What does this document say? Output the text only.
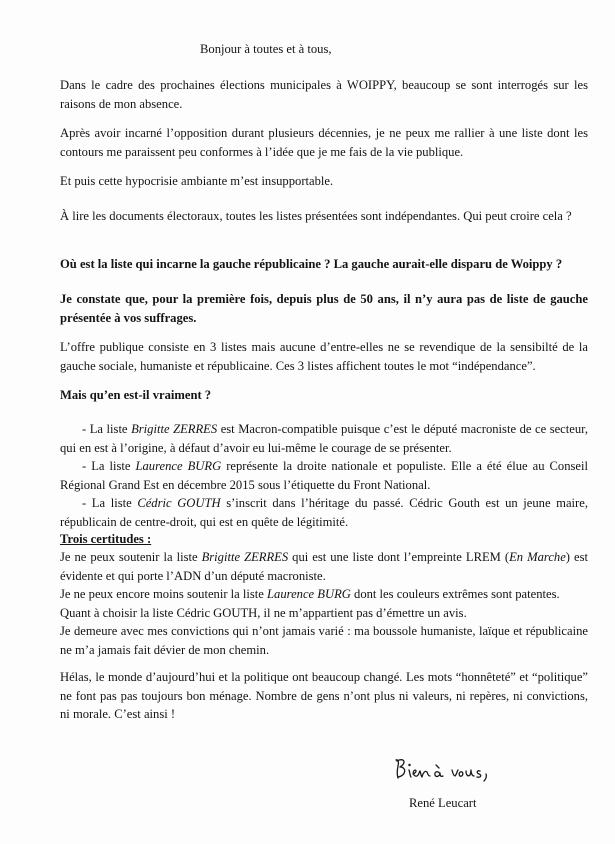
Bonjour à toutes et à tous,

Dans le cadre des prochaines élections municipales à WOIPPY, beaucoup se sont interrogés sur les raisons de mon absence.

Après avoir incarné l’opposition durant plusieurs décennies, je ne peux me rallier à une liste dont les contours me paraissent peu conformes à l’idée que je me fais de la vie publique.

Et puis cette hypocrisie ambiante m’est insupportable.

À lire les documents électoraux, toutes les listes présentées sont indépendantes. Qui peut croire cela ?

Où est la liste qui incarne la gauche républicaine ? La gauche aurait-elle disparu de Woippy ?

Je constate que, pour la première fois, depuis plus de 50 ans, il n’y aura pas de liste de gauche présentée à vos suffrages.

L’offre publique consiste en 3 listes mais aucune d’entre-elles ne se revendique de la sensibilté de la gauche sociale, humaniste et républicaine. Ces 3 listes affichent toutes le mot “indépendance”.

Mais qu’en est-il vraiment ?

- La liste Brigitte ZERRES est Macron-compatible puisque c’est le député macroniste de ce secteur, qui en est à l’origine, à défaut d’avoir eu lui-même le courage de se présenter.
- La liste Laurence BURG représente la droite nationale et populiste. Elle a été élue au Conseil Régional Grand Est en décembre 2015 sous l’étiquette du Front National.
- La liste Cédric GOUTH s’inscrit dans l’héritage du passé. Cédric Gouth est un jeune maire, républicain de centre-droit, qui est en quête de légitimité.

Trois certitudes :

Je ne peux soutenir la liste Brigitte ZERRES qui est une liste dont l’empreinte LREM (En Marche) est évidente et qui porte l’ADN d’un député macroniste.
Je ne peux encore moins soutenir la liste Laurence BURG dont les couleurs extrêmes sont patentes.
Quant à choisir la liste Cédric GOUTH, il ne m’appartient pas d’émettre un avis.
Je demeure avec mes convictions qui n’ont jamais varié : ma boussole humaniste, laïque et républicaine ne m’a jamais fait dévier de mon chemin.

Hélas, le monde d’aujourd’hui et la politique ont beaucoup changé. Les mots “honnêteté” et “politique” ne font pas pas toujours bon ménage. Nombre de gens n’ont plus ni valeurs, ni repères, ni convictions, ni morale. C’est ainsi !

René Leucart
